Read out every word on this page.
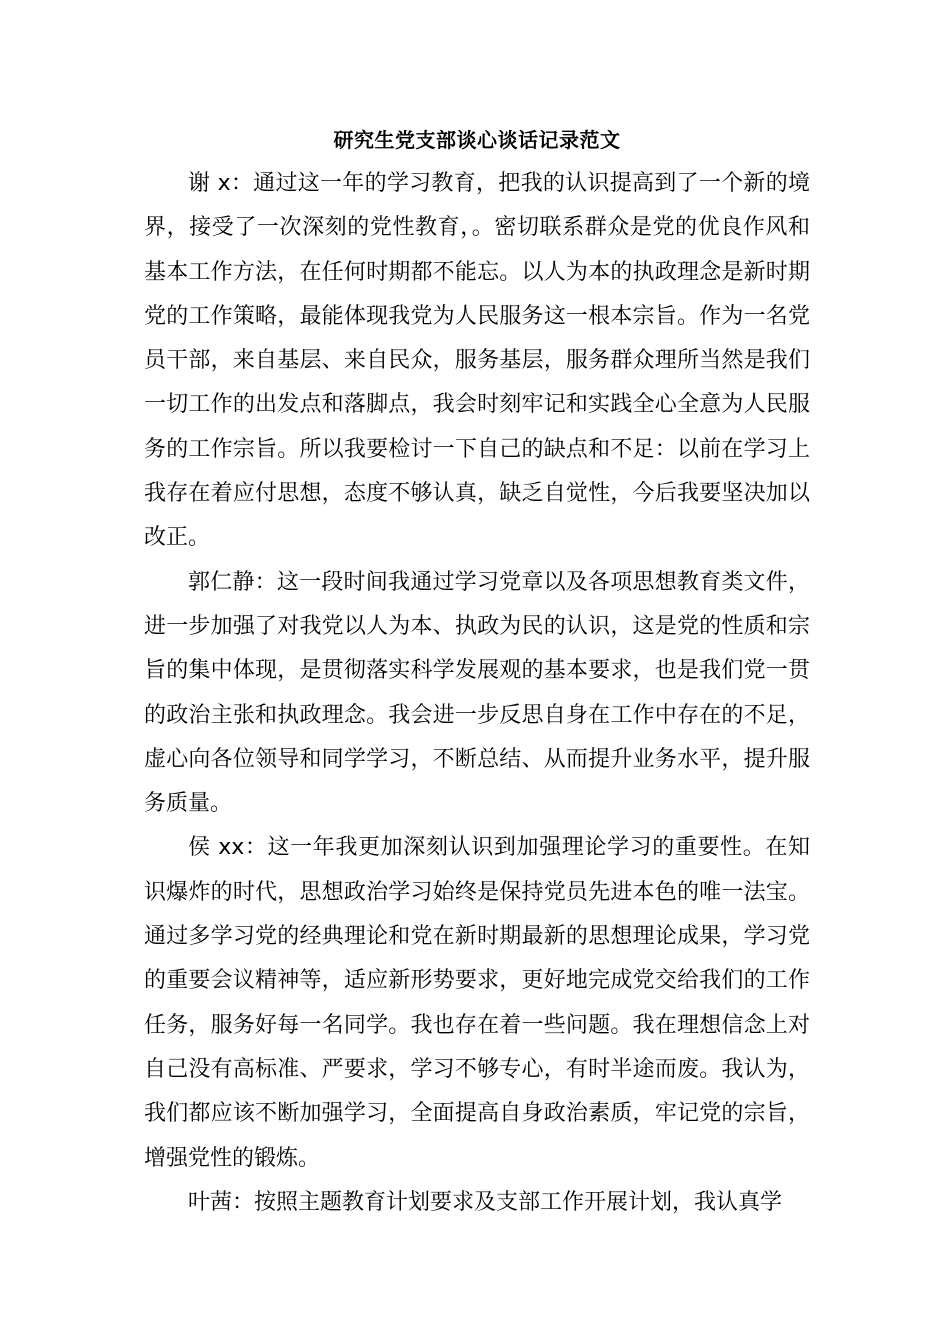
研究生党支部谈心谈话记录范文

谢 x：通过这一年的学习教育，把我的认识提高到了一个新的境界，接受了一次深刻的党性教育，。密切联系群众是党的优良作风和基本工作方法，在任何时期都不能忘。以人为本的执政理念是新时期党的工作策略，最能体现我党为人民服务这一根本宗旨。作为一名党员干部，来自基层、来自民众，服务基层，服务群众理所当然是我们一切工作的出发点和落脚点，我会时刻牢记和实践全心全意为人民服务的工作宗旨。所以我要检讨一下自己的缺点和不足：以前在学习上我存在着应付思想，态度不够认真，缺乏自觉性，今后我要坚决加以改正。

郭仁静：这一段时间我通过学习党章以及各项思想教育类文件，进一步加强了对我党以人为本、执政为民的认识，这是党的性质和宗旨的集中体现，是贯彻落实科学发展观的基本要求，也是我们党一贯的政治主张和执政理念。我会进一步反思自身在工作中存在的不足，虚心向各位领导和同学学习，不断总结、从而提升业务水平，提升服务质量。

侯 xx：这一年我更加深刻认识到加强理论学习的重要性。在知识爆炸的时代，思想政治学习始终是保持党员先进本色的唯一法宝。通过多学习党的经典理论和党在新时期最新的思想理论成果，学习党的重要会议精神等，适应新形势要求，更好地完成党交给我们的工作任务，服务好每一名同学。我也存在着一些问题。我在理想信念上对自己没有高标准、严要求，学习不够专心，有时半途而废。我认为，我们都应该不断加强学习，全面提高自身政治素质，牢记党的宗旨，增强党性的锻炼。

叶茜：按照主题教育计划要求及支部工作开展计划，我认真学
